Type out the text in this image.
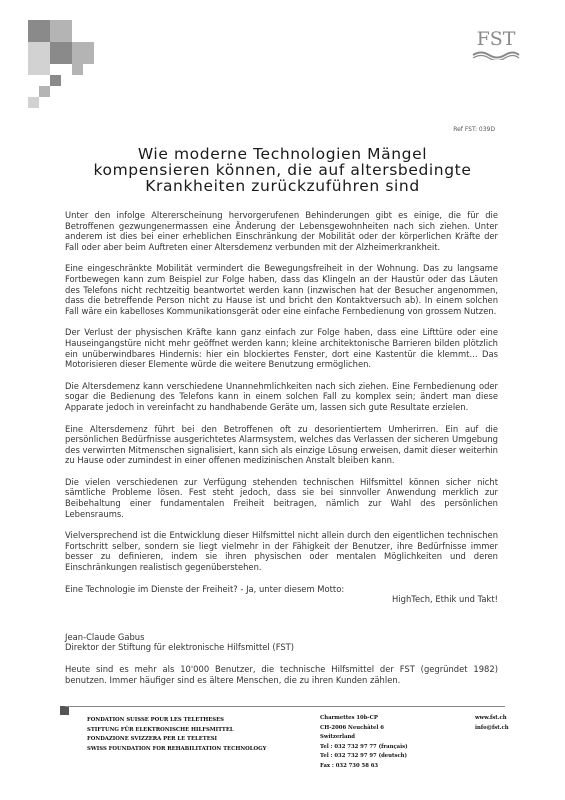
FST
Ref FST: 039D
Wie moderne Technologien Mängel
kompensieren können, die auf altersbedingte
Krankheiten zurückzuführen sind

Unter den infolge Altererscheinung hervorgerufenen Behinderungen gibt es einige, die für die Betroffenen gezwungenermassen eine Änderung der Lebensgewohnheiten nach sich ziehen. Unter anderem ist dies bei einer erheblichen Einschränkung der Mobilität oder der körperlichen Kräfte der Fall oder aber beim Auftreten einer Altersdemenz verbunden mit der Alzheimerkrankheit.

Eine eingeschränkte Mobilität vermindert die Bewegungsfreiheit in der Wohnung. Das zu langsame Fortbewegen kann zum Beispiel zur Folge haben, dass das Klingeln an der Haustür oder das Läuten des Telefons nicht rechtzeitig beantwortet werden kann (inzwischen hat der Besucher angenommen, dass die betreffende Person nicht zu Hause ist und bricht den Kontaktversuch ab). In einem solchen Fall wäre ein kabelloses Kommunikationsgerät oder eine einfache Fernbedienung von grossem Nutzen.

Der Verlust der physischen Kräfte kann ganz einfach zur Folge haben, dass eine Lifttüre oder eine Hauseingangstüre nicht mehr geöffnet werden kann; kleine architektonische Barrieren bilden plötzlich ein unüberwindbares Hindernis: hier ein blockiertes Fenster, dort eine Kastentür die klemmt… Das Motorisieren dieser Elemente würde die weitere Benutzung ermöglichen.

Die Altersdemenz kann verschiedene Unannehmlichkeiten nach sich ziehen. Eine Fernbedienung oder sogar die Bedienung des Telefons kann in einem solchen Fall zu komplex sein; ändert man diese Apparate jedoch in vereinfacht zu handhabende Geräte um, lassen sich gute Resultate erzielen.

Eine Altersdemenz führt bei den Betroffenen oft zu desorientiertem Umherirren. Ein auf die persönlichen Bedürfnisse ausgerichtetes Alarmsystem, welches das Verlassen der sicheren Umgebung des verwirrten Mitmenschen signalisiert, kann sich als einzige Lösung erweisen, damit dieser weiterhin zu Hause oder zumindest in einer offenen medizinischen Anstalt bleiben kann.

Die vielen verschiedenen zur Verfügung stehenden technischen Hilfsmittel können sicher nicht sämtliche Probleme lösen. Fest steht jedoch, dass sie bei sinnvoller Anwendung merklich zur Beibehaltung einer fundamentalen Freiheit beitragen, nämlich zur Wahl des persönlichen Lebensraums.

Vielversprechend ist die Entwicklung dieser Hilfsmittel nicht allein durch den eigentlichen technischen Fortschritt selber, sondern sie liegt vielmehr in der Fähigkeit der Benutzer, ihre Bedürfnisse immer besser zu definieren, indem sie ihren physischen oder mentalen Möglichkeiten und deren Einschränkungen realistisch gegenüberstehen.

Eine Technologie im Dienste der Freiheit? - Ja, unter diesem Motto:

HighTech, Ethik und Takt!
Jean-Claude Gabus
Direktor der Stiftung für elektronische Hilfsmittel (FST)

Heute sind es mehr als 10'000 Benutzer, die technische Hilfsmittel der FST (gegründet 1982) benutzen. Immer häufiger sind es ältere Menschen, die zu ihren Kunden zählen.

FONDATION SUISSE POUR LES TELETHESES
STIFTUNG FÜR ELEKTRONISCHE HILFSMITTEL
FONDAZIONE SVIZZERA PER LE TELETESI
SWISS FOUNDATION FOR REHABILITATION TECHNOLOGY
Charmettes 10b-CP
CH-2006 Neuchâtel 6
Switzerland
Tel : 032 732 97 77 (français)
Tel : 032 732 97 97 (deutsch)
Fax : 032 730 58 63
www.fst.ch
info@fst.ch
